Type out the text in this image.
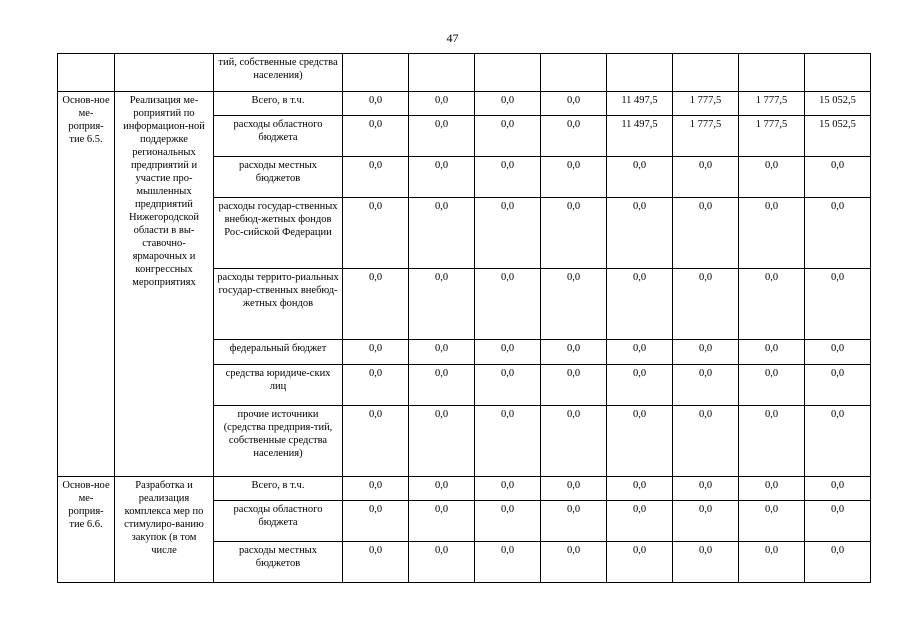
47
		тий, собственные средства населения)								
Основ-ное ме-роприя-тие 6.5.	Реализация ме-роприятий по информацион-ной поддержке региональных предприятий и участие про-мышленных предприятий Нижегородской области в вы-ставочно-ярмарочных и конгрессных мероприятиях	Всего, в т.ч.	0,0	0,0	0,0	0,0	11 497,5	1 777,5	1 777,5	15 052,5
		расходы областного бюджета	0,0	0,0	0,0	0,0	11 497,5	1 777,5	1 777,5	15 052,5
		расходы местных бюджетов	0,0	0,0	0,0	0,0	0,0	0,0	0,0	0,0
		расходы государ-ственных внебюд-жетных фондов Рос-сийской Федерации	0,0	0,0	0,0	0,0	0,0	0,0	0,0	0,0
		расходы террито-риальных государ-ственных внебюд-жетных фондов	0,0	0,0	0,0	0,0	0,0	0,0	0,0	0,0
		федеральный бюджет	0,0	0,0	0,0	0,0	0,0	0,0	0,0	0,0
		средства юридиче-ских лиц	0,0	0,0	0,0	0,0	0,0	0,0	0,0	0,0
		прочие источники (средства предприя-тий, собственные средства населения)	0,0	0,0	0,0	0,0	0,0	0,0	0,0	0,0
Основ-ное ме-роприя-тие 6.6.	Разработка и реализация комплекса мер по стимулиро-ванию закупок (в том числе	Всего, в т.ч.	0,0	0,0	0,0	0,0	0,0	0,0	0,0	0,0
		расходы областного бюджета	0,0	0,0	0,0	0,0	0,0	0,0	0,0	0,0
		расходы местных бюджетов	0,0	0,0	0,0	0,0	0,0	0,0	0,0	0,0
